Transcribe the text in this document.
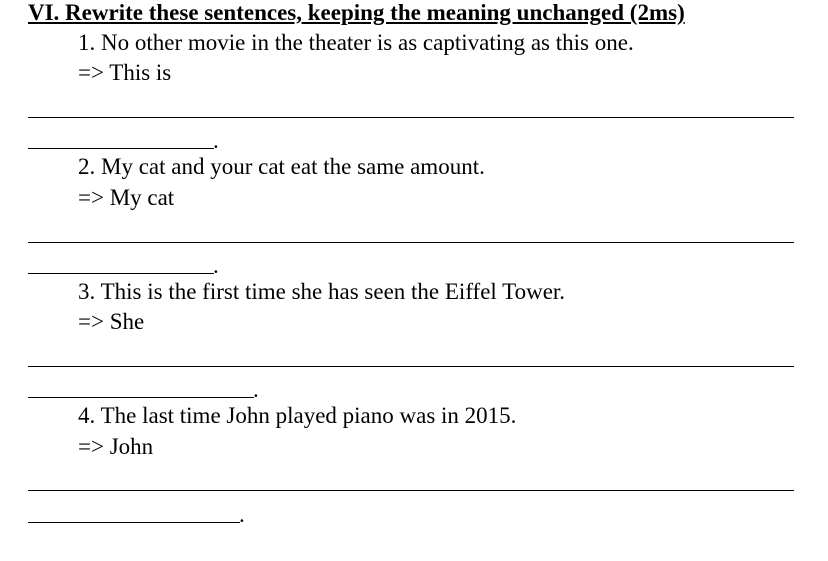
VI. Rewrite these sentences, keeping the meaning unchanged (2ms)
1. No other movie in the theater is as captivating as this one.
=> This is
.
2. My cat and your cat eat the same amount.
=> My cat
.
3. This is the first time she has seen the Eiffel Tower.
=> She
.
4. The last time John played piano was in 2015.
=> John
.
